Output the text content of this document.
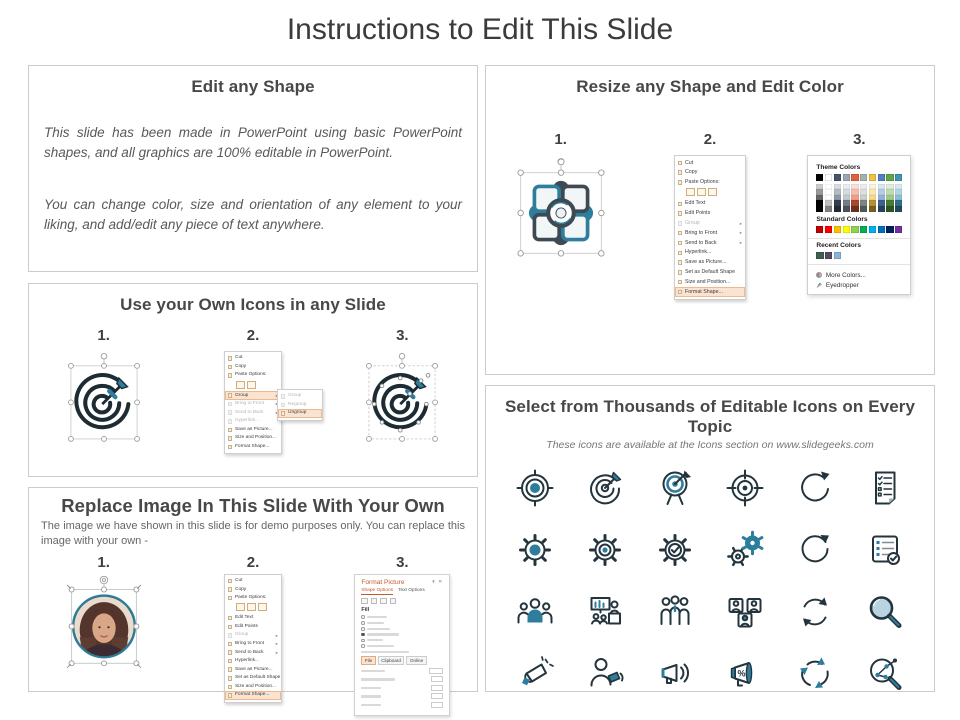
Instructions to Edit This Slide
Edit any Shape

This slide has been made in PowerPoint using basic PowerPoint shapes, and all graphics are 100% editable in PowerPoint.

You can change color, size and orientation of any element to your liking, and add/edit any piece of text anywhere.

Resize any Shape and Edit Color
1.	2.
Cut
Copy
Paste Options:
Edit Text
Edit Points
Group	▸
Bring to Front	▸
Send to Back	▸
Hyperlink...
Save as Picture...
Set as Default Shape
Size and Position...
Format Shape...
3.
Theme Colors
Standard Colors
Recent Colors
More Colors...
Eyedropper
Use your Own Icons in any Slide
1.	2.
Cut
Copy
Paste Options:
Group
Bring to Front
Send to Back
Hyperlink...
Save as Picture...
Size and Position...
Format Shape...
Group
Regroup
Ungroup
3.
Replace Image In This Slide With Your Own

The image we have shown in this slide is for demo purposes only. You can replace this image with your own -

1.	2.
Cut
Copy
Paste Options:
Edit Text
Edit Points
Group	▸
Bring to Front	▸
Send to Back	▸
Hyperlink...
Save as Picture...
Set as Default Shape
Size and Position...
Format Shape...
3.
Format Picture	▾ ✕
Shape Options Text Options
Fill
File	Clipboard	Online
Select from Thousands of Editable Icons on Every Topic
These icons are available at the Icons section on www.slidegeeks.com
%
